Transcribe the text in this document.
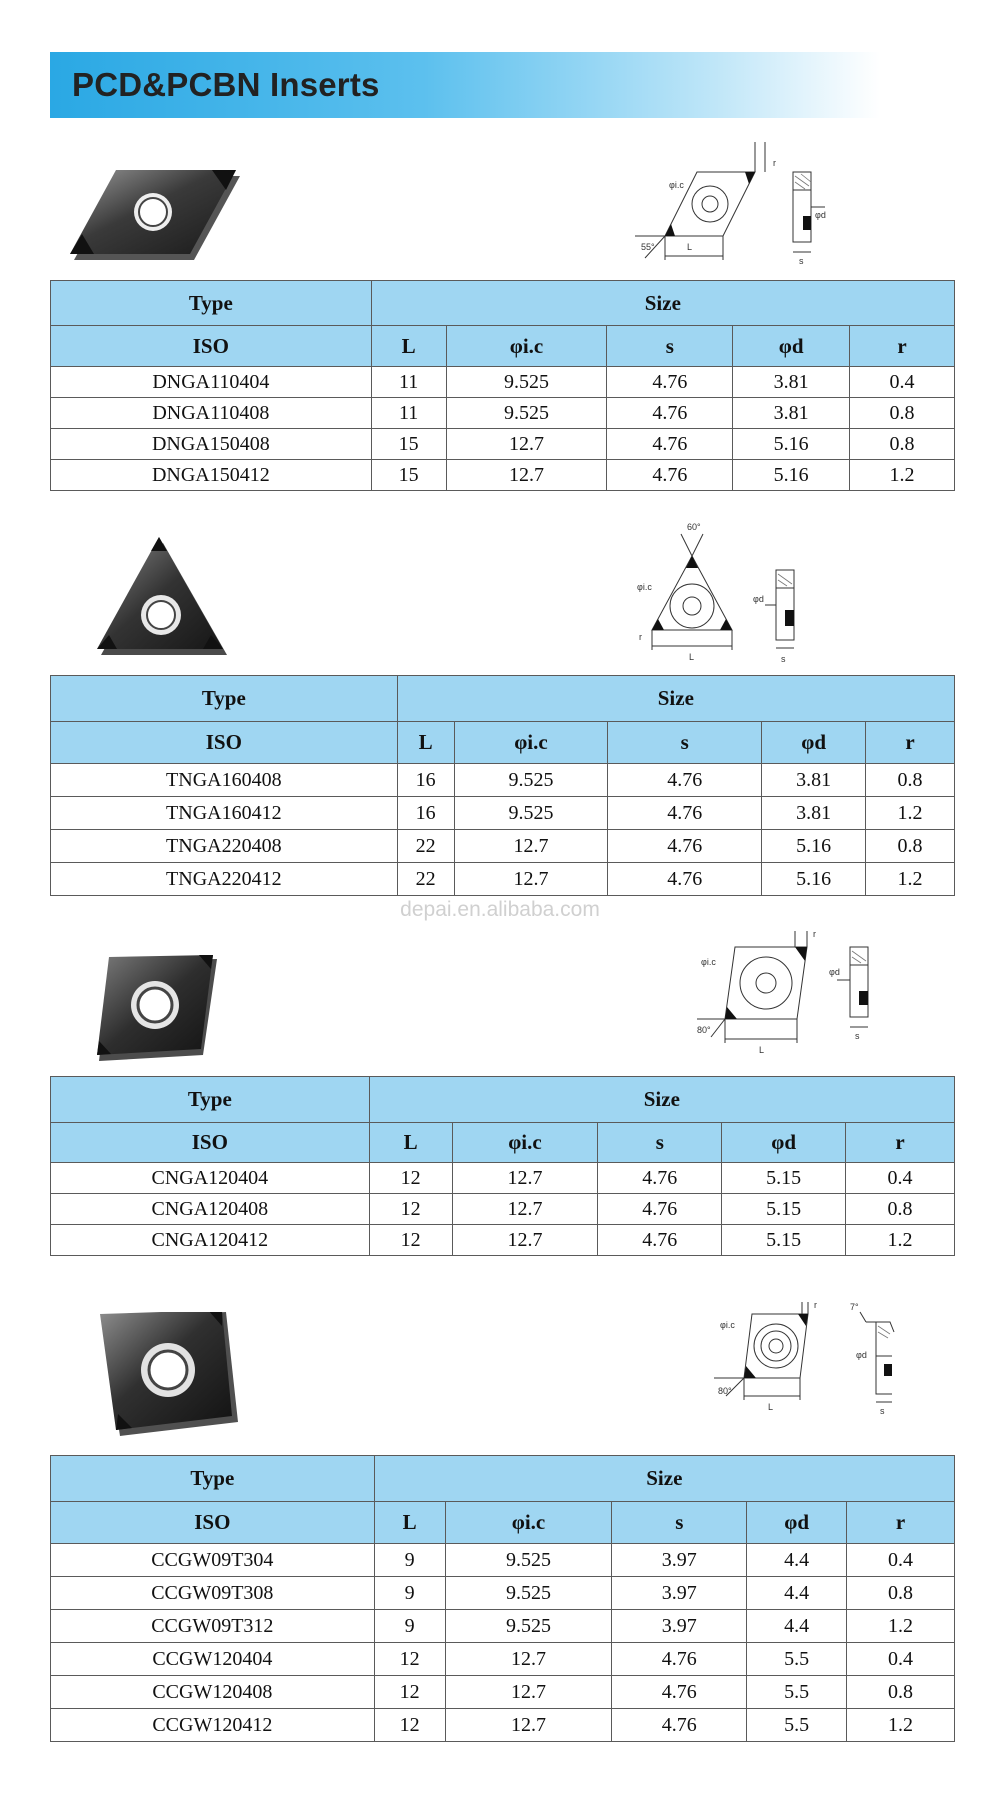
PCD&PCBN Inserts
L
55°
s
φi.c
φd
r
Type	Size				
ISO	L	φi.c	s	φd	r
DNGA110404	11	9.525	4.76	3.81	0.4
DNGA110408	11	9.525	4.76	3.81	0.8
DNGA150408	15	12.7	4.76	5.16	0.8
DNGA150412	15	12.7	4.76	5.16	1.2
60°
L	s
φi.c
φd
r
Type	Size				
ISO	L	φi.c	s	φd	r
TNGA160408	16	9.525	4.76	3.81	0.8
TNGA160412	16	9.525	4.76	3.81	1.2
TNGA220408	22	12.7	4.76	5.16	0.8
TNGA220412	22	12.7	4.76	5.16	1.2
depai.en.alibaba.com
L
80°
s
φi.c
φd
r
Type	Size				
ISO	L	φi.c	s	φd	r
CNGA120404	12	12.7	4.76	5.15	0.4
CNGA120408	12	12.7	4.76	5.15	0.8
CNGA120412	12	12.7	4.76	5.15	1.2
L
80°
7°
s
φi.c
φd
r
Type	Size				
ISO	L	φi.c	s	φd	r
CCGW09T304	9	9.525	3.97	4.4	0.4
CCGW09T308	9	9.525	3.97	4.4	0.8
CCGW09T312	9	9.525	3.97	4.4	1.2
CCGW120404	12	12.7	4.76	5.5	0.4
CCGW120408	12	12.7	4.76	5.5	0.8
CCGW120412	12	12.7	4.76	5.5	1.2
